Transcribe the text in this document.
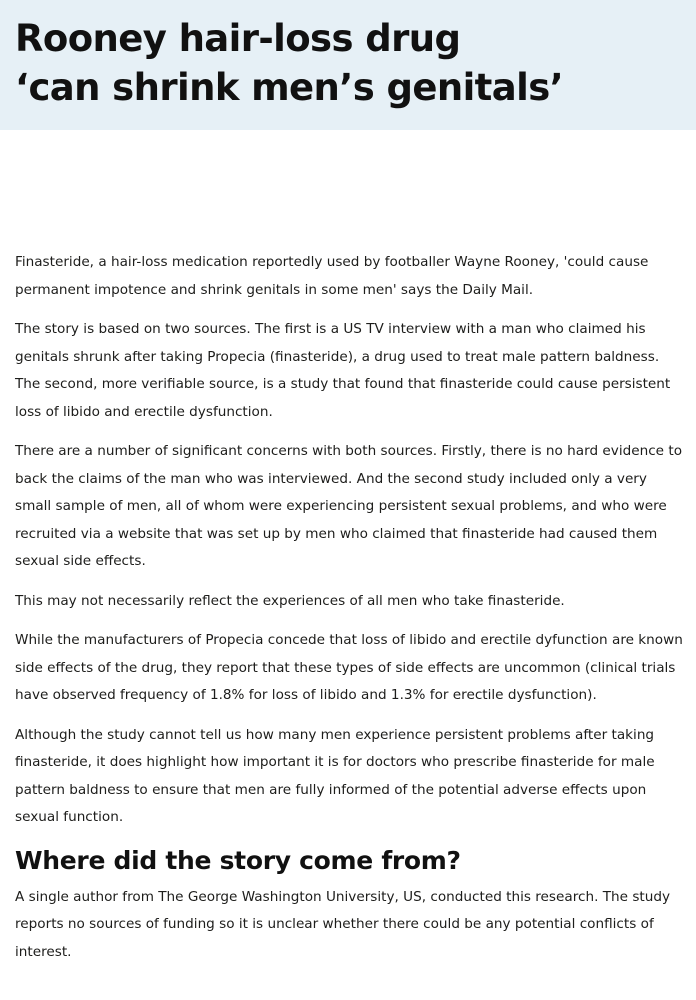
Rooney hair-loss drug
‘can shrink men’s genitals’

Finasteride, a hair-loss medication reportedly used by footballer Wayne Rooney, 'could cause permanent impotence and shrink genitals in some men' says the Daily Mail.

The story is based on two sources. The first is a US TV interview with a man who claimed his genitals shrunk after taking Propecia (finasteride), a drug used to treat male pattern baldness. The second, more verifiable source, is a study that found that finasteride could cause persistent loss of libido and erectile dysfunction.

There are a number of significant concerns with both sources. Firstly, there is no hard evidence to back the claims of the man who was interviewed. And the second study included only a very small sample of men, all of whom were experiencing persistent sexual problems, and who were recruited via a website that was set up by men who claimed that finasteride had caused them sexual side effects.

This may not necessarily reflect the experiences of all men who take finasteride.

While the manufacturers of Propecia concede that loss of libido and erectile dyfunction are known side effects of the drug, they report that these types of side effects are uncommon (clinical trials have observed frequency of 1.8% for loss of libido and 1.3% for erectile dysfunction).

Although the study cannot tell us how many men experience persistent problems after taking finasteride, it does highlight how important it is for doctors who prescribe finasteride for male pattern baldness to ensure that men are fully informed of the potential adverse effects upon sexual function.

Where did the story come from?

A single author from The George Washington University, US, conducted this research. The study reports no sources of funding so it is unclear whether there could be any potential conflicts of interest.
